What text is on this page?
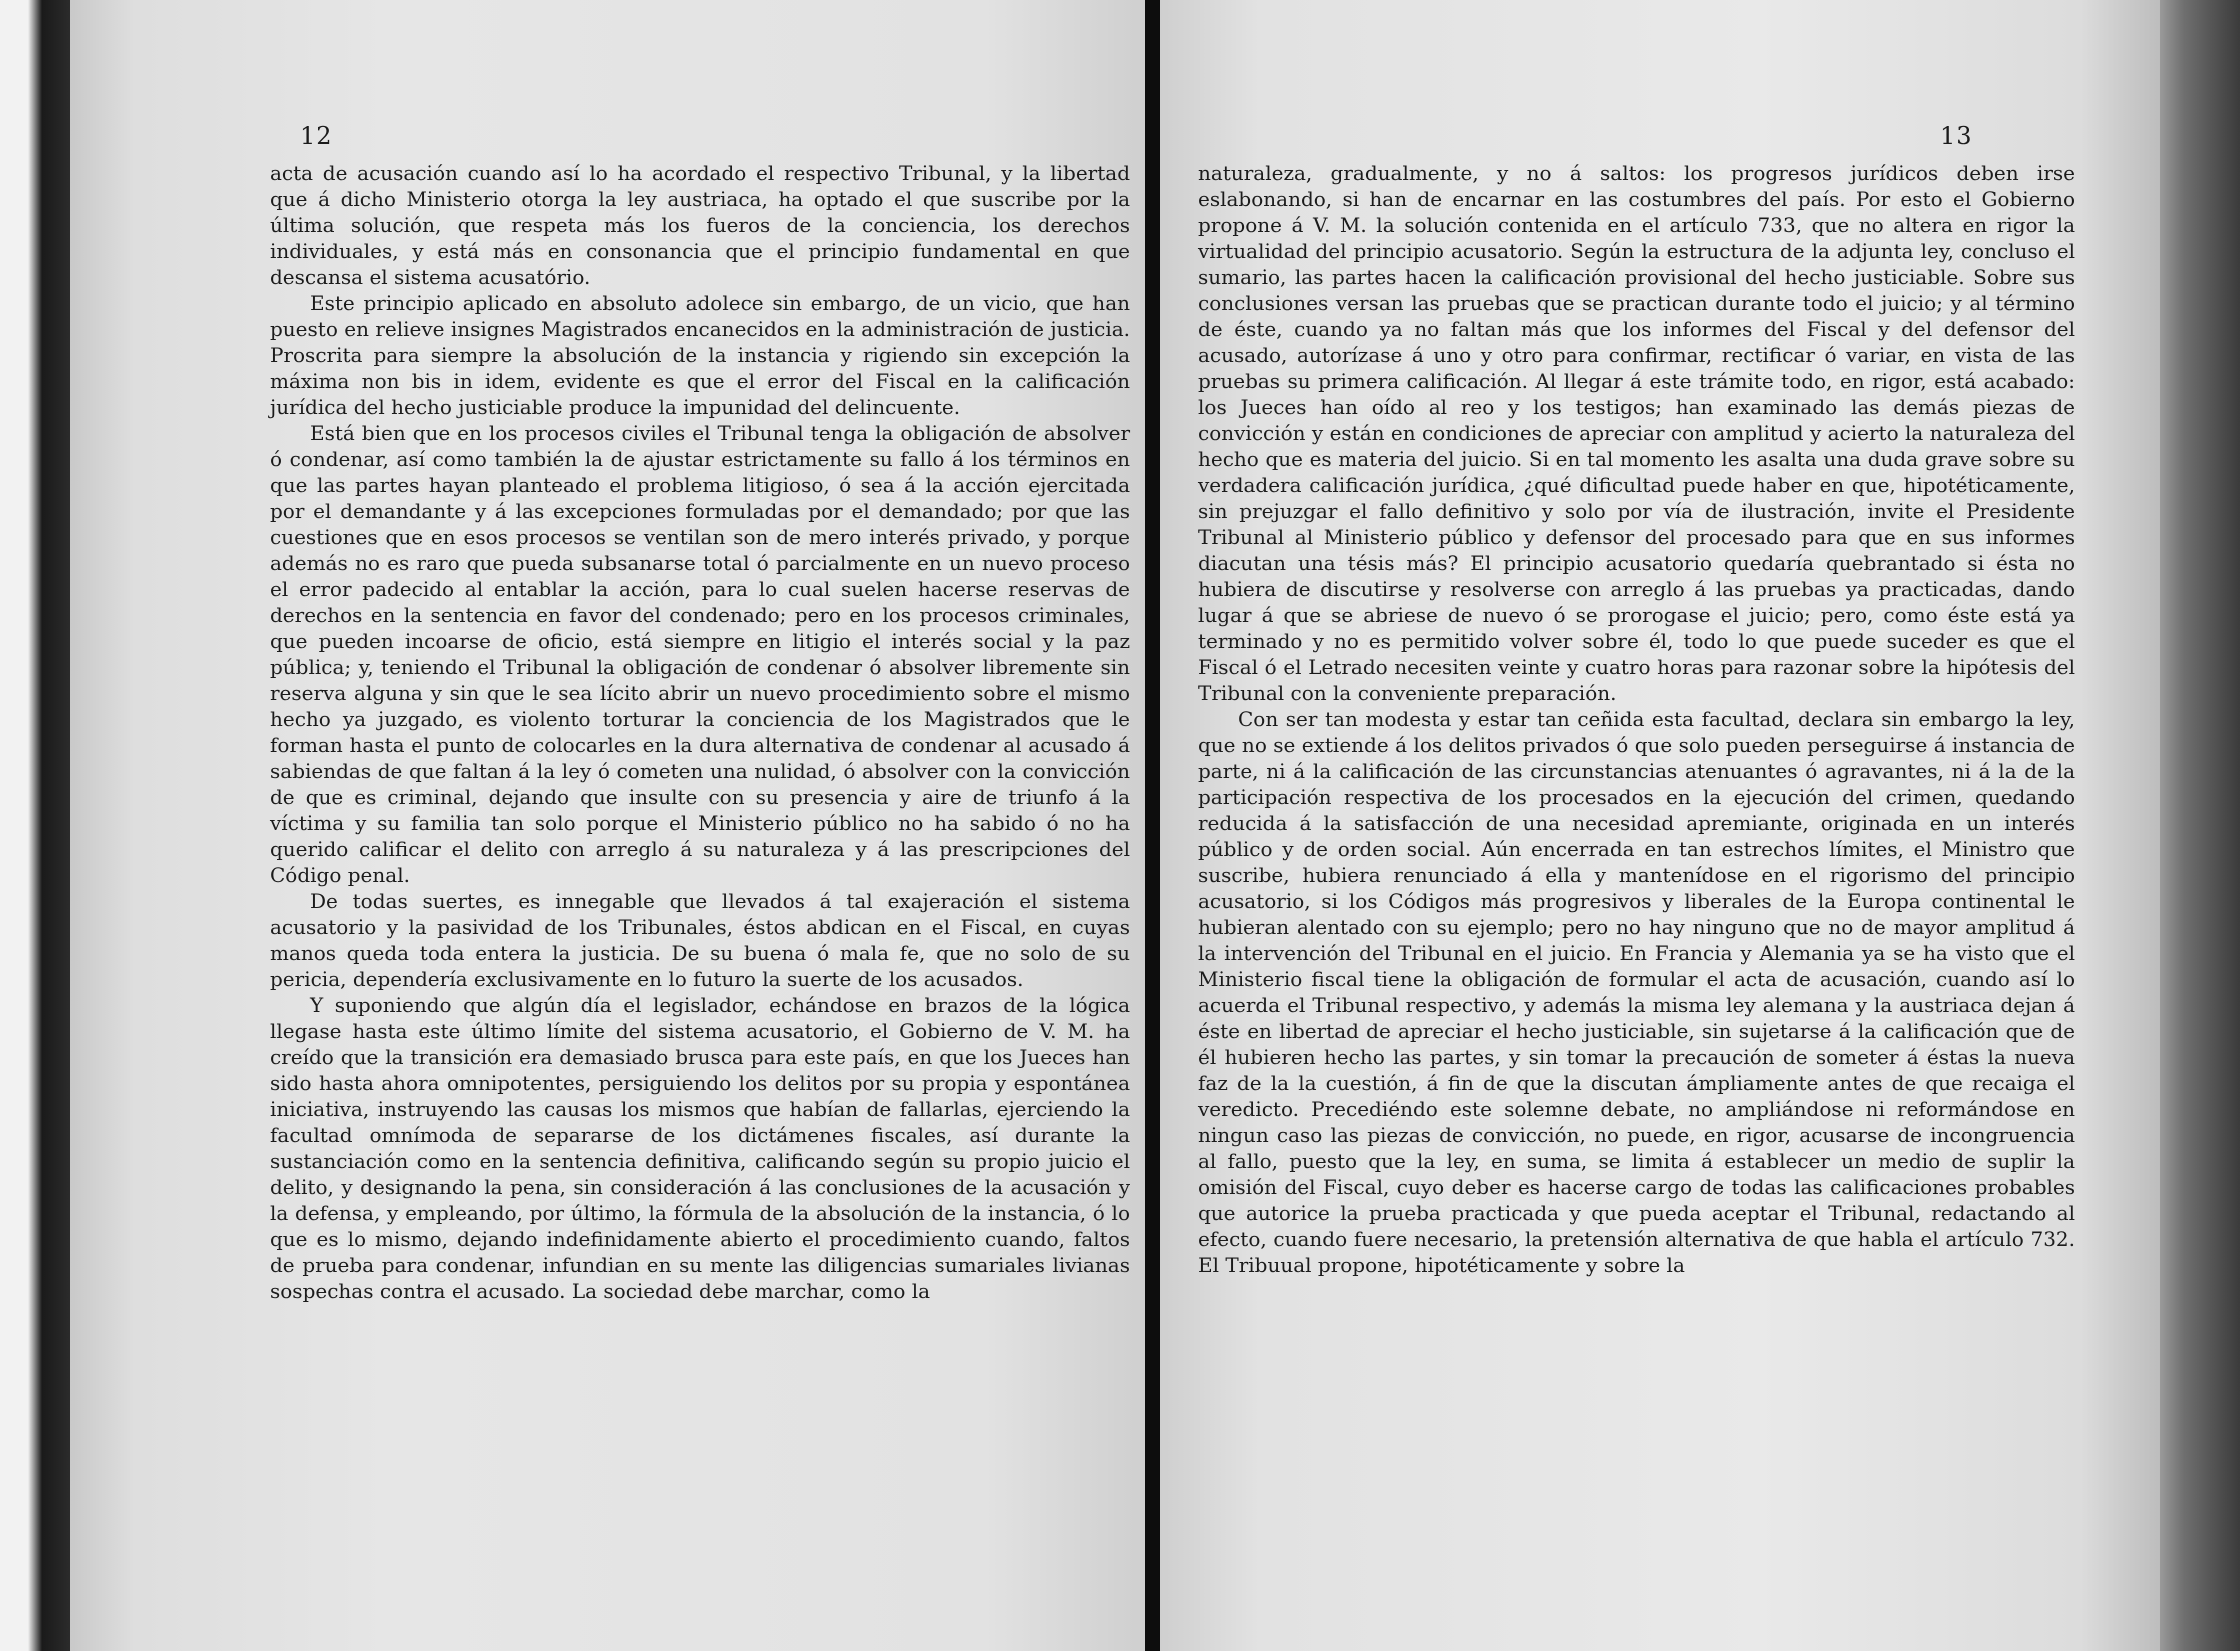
12

acta de acusación cuando así lo ha acordado el respectivo Tribunal, y la libertad que á dicho Ministerio otorga la ley austriaca, ha optado el que suscribe por la última solución, que respeta más los fueros de la conciencia, los derechos individuales, y está más en consonancia que el principio fundamental en que descansa el sistema acusatório.

Este principio aplicado en absoluto adolece sin embargo, de un vicio, que han puesto en relieve insignes Magistrados encanecidos en la administración de justicia. Proscrita para siempre la absolución de la instancia y rigiendo sin excepción la máxima non bis in idem, evidente es que el error del Fiscal en la calificación jurídica del hecho justiciable produce la impunidad del delincuente.

Está bien que en los procesos civiles el Tribunal tenga la obligación de absolver ó condenar, así como también la de ajustar estrictamente su fallo á los términos en que las partes hayan planteado el problema litigioso, ó sea á la acción ejercitada por el demandante y á las excepciones formuladas por el demandado; por que las cuestiones que en esos procesos se ventilan son de mero interés privado, y porque además no es raro que pueda subsanarse total ó parcialmente en un nuevo proceso el error padecido al entablar la acción, para lo cual suelen hacerse reservas de derechos en la sentencia en favor del condenado; pero en los procesos criminales, que pueden incoarse de oficio, está siempre en litigio el interés social y la paz pública; y, teniendo el Tribunal la obligación de condenar ó absolver libremente sin reserva alguna y sin que le sea lícito abrir un nuevo procedimiento sobre el mismo hecho ya juzgado, es violento torturar la conciencia de los Magistrados que le forman hasta el punto de colocarles en la dura alternativa de condenar al acusado á sabiendas de que faltan á la ley ó cometen una nulidad, ó absolver con la convicción de que es criminal, dejando que insulte con su presencia y aire de triunfo á la víctima y su familia tan solo porque el Ministerio público no ha sabido ó no ha querido calificar el delito con arreglo á su naturaleza y á las prescripciones del Código penal.

De todas suertes, es innegable que llevados á tal exajeración el sistema acusatorio y la pasividad de los Tribunales, éstos abdican en el Fiscal, en cuyas manos queda toda entera la justicia. De su buena ó mala fe, que no solo de su pericia, dependería exclusivamente en lo futuro la suerte de los acusados.

Y suponiendo que algún día el legislador, echándose en brazos de la lógica llegase hasta este último límite del sistema acusatorio, el Gobierno de V. M. ha creído que la transición era demasiado brusca para este país, en que los Jueces han sido hasta ahora omnipotentes, persiguiendo los delitos por su propia y espontánea iniciativa, instruyendo las causas los mismos que habían de fallarlas, ejerciendo la facultad omnímoda de separarse de los dictámenes fiscales, así durante la sustanciación como en la sentencia definitiva, calificando según su propio juicio el delito, y designando la pena, sin consideración á las conclusiones de la acusación y la defensa, y empleando, por último, la fórmula de la absolución de la instancia, ó lo que es lo mismo, dejando indefinidamente abierto el procedimiento cuando, faltos de prueba para condenar, infundian en su mente las diligencias sumariales livianas sospechas contra el acusado. La sociedad debe marchar, como la

13

naturaleza, gradualmente, y no á saltos: los progresos jurídicos deben irse eslabonando, si han de encarnar en las costumbres del país. Por esto el Gobierno propone á V. M. la solución contenida en el artículo 733, que no altera en rigor la virtualidad del principio acusatorio. Según la estructura de la adjunta ley, concluso el sumario, las partes hacen la calificación provisional del hecho justiciable. Sobre sus conclusiones versan las pruebas que se practican durante todo el juicio; y al término de éste, cuando ya no faltan más que los informes del Fiscal y del defensor del acusado, autorízase á uno y otro para confirmar, rectificar ó variar, en vista de las pruebas su primera calificación. Al llegar á este trámite todo, en rigor, está acabado: los Jueces han oído al reo y los testigos; han examinado las demás piezas de convicción y están en condiciones de apreciar con amplitud y acierto la naturaleza del hecho que es materia del juicio. Si en tal momento les asalta una duda grave sobre su verdadera calificación jurídica, ¿qué dificultad puede haber en que, hipotéticamente, sin prejuzgar el fallo definitivo y solo por vía de ilustración, invite el Presidente Tribunal al Ministerio público y defensor del procesado para que en sus informes diacutan una tésis más? El principio acusatorio quedaría quebrantado si ésta no hubiera de discutirse y resolverse con arreglo á las pruebas ya practicadas, dando lugar á que se abriese de nuevo ó se prorogase el juicio; pero, como éste está ya terminado y no es permitido volver sobre él, todo lo que puede suceder es que el Fiscal ó el Letrado necesiten veinte y cuatro horas para razonar sobre la hipótesis del Tribunal con la conveniente preparación.

Con ser tan modesta y estar tan ceñida esta facultad, declara sin embargo la ley, que no se extiende á los delitos privados ó que solo pueden perseguirse á instancia de parte, ni á la calificación de las circunstancias atenuantes ó agravantes, ni á la de la participación respectiva de los procesados en la ejecución del crimen, quedando reducida á la satisfacción de una necesidad apremiante, originada en un interés público y de orden social. Aún encerrada en tan estrechos límites, el Ministro que suscribe, hubiera renunciado á ella y mantenídose en el rigorismo del principio acusatorio, si los Códigos más progresivos y liberales de la Europa continental le hubieran alentado con su ejemplo; pero no hay ninguno que no de mayor amplitud á la intervención del Tribunal en el juicio. En Francia y Alemania ya se ha visto que el Ministerio fiscal tiene la obligación de formular el acta de acusación, cuando así lo acuerda el Tribunal respectivo, y además la misma ley alemana y la austriaca dejan á éste en libertad de apreciar el hecho justiciable, sin sujetarse á la calificación que de él hubieren hecho las partes, y sin tomar la precaución de someter á éstas la nueva faz de la la cuestión, á fin de que la discutan ámpliamente antes de que recaiga el veredicto. Precediéndo este solemne debate, no ampliándose ni reformándose en ningun caso las piezas de convicción, no puede, en rigor, acusarse de incongruencia al fallo, puesto que la ley, en suma, se limita á establecer un medio de suplir la omisión del Fiscal, cuyo deber es hacerse cargo de todas las calificaciones probables que autorice la prueba practicada y que pueda aceptar el Tribunal, redactando al efecto, cuando fuere necesario, la pretensión alternativa de que habla el artículo 732. El Tribuual propone, hipotéticamente y sobre la
